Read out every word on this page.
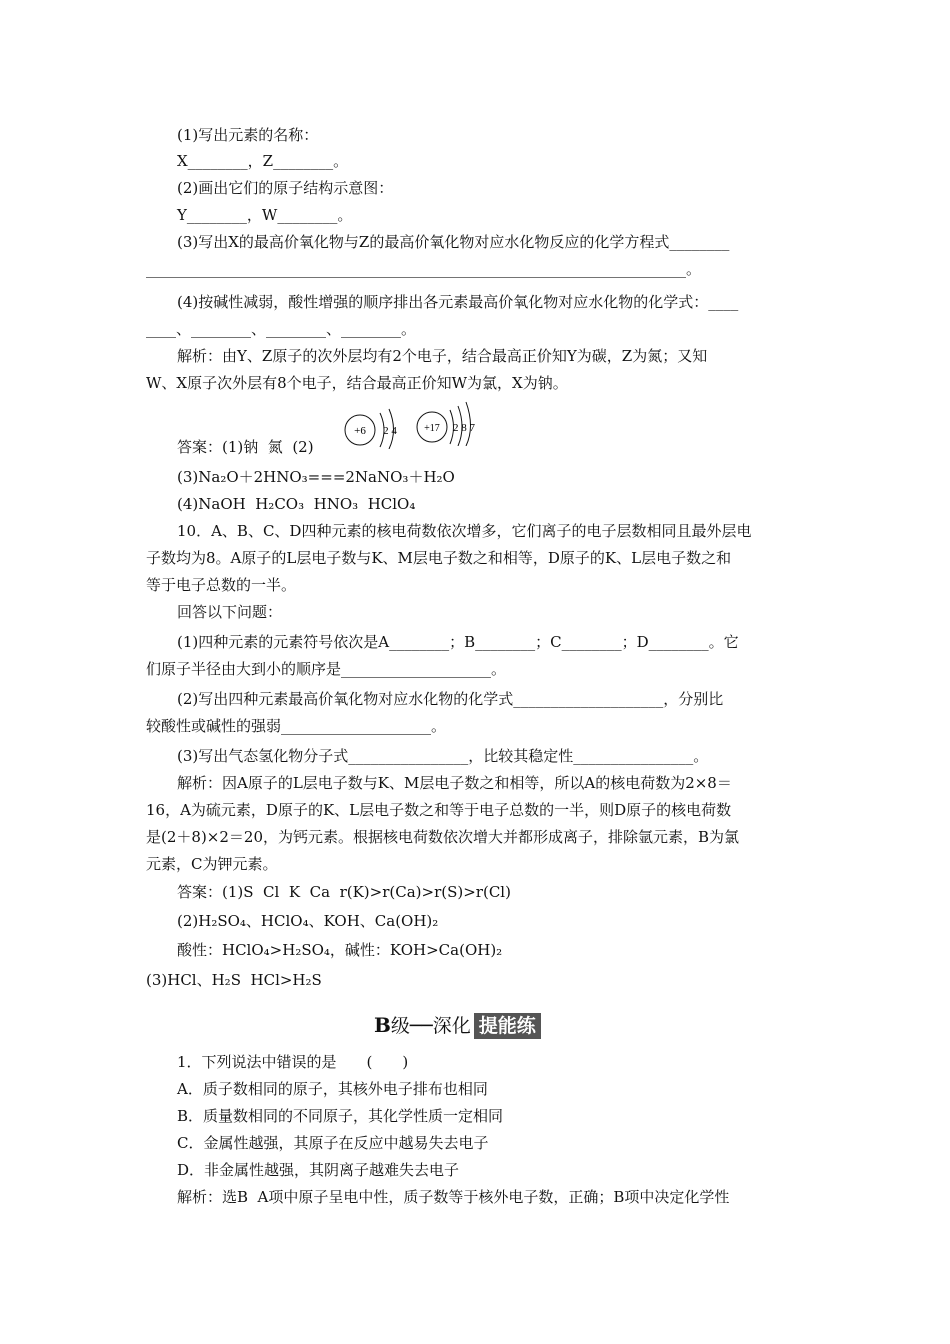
(1)写出元素的名称：
X________，Z________。
(2)画出它们的原子结构示意图：
Y________，W________。
(3)写出X的最高价氧化物与Z的最高价氧化物对应水化物反应的化学方程式________
________________________________________________________________________。
(4)按碱性减弱，酸性增强的顺序排出各元素最高价氧化物对应水化物的化学式：____
____、________、________、________。
解析：由Y、Z原子的次外层均有2个电子，结合最高正价知Y为碳，Z为氮；又知
W、X原子次外层有8个电子，结合最高正价知W为氯，X为钠。
答案：(1)钠  氮  (2)
+6 2 4	+17 2 8 7
(3)Na₂O＋2HNO₃===2NaNO₃＋H₂O
(4)NaOH  H₂CO₃  HNO₃  HClO₄
10．A、B、C、D四种元素的核电荷数依次增多，它们离子的电子层数相同且最外层电
子数均为8。A原子的L层电子数与K、M层电子数之和相等，D原子的K、L层电子数之和
等于电子总数的一半。
回答以下问题：
(1)四种元素的元素符号依次是A________；B________；C________；D________。它
们原子半径由大到小的顺序是____________________。
(2)写出四种元素最高价氧化物对应水化物的化学式____________________，分别比
较酸性或碱性的强弱____________________。
(3)写出气态氢化物分子式________________，比较其稳定性________________。
解析：因A原子的L层电子数与K、M层电子数之和相等，所以A的核电荷数为2×8＝
16，A为硫元素，D原子的K、L层电子数之和等于电子总数的一半，则D原子的核电荷数
是(2＋8)×2＝20，为钙元素。根据核电荷数依次增大并都形成离子，排除氩元素，B为氯
元素，C为钾元素。
答案：(1)S  Cl  K  Ca  r(K)>r(Ca)>r(S)>r(Cl)
(2)H₂SO₄、HClO₄、KOH、Ca(OH)₂
酸性：HClO₄>H₂SO₄，碱性：KOH>Ca(OH)₂
(3)HCl、H₂S  HCl>H₂S
B级──深化 提能练
1．下列说法中错误的是　　(　　)
A．质子数相同的原子，其核外电子排布也相同
B．质量数相同的不同原子，其化学性质一定相同
C．金属性越强，其原子在反应中越易失去电子
D．非金属性越强，其阴离子越难失去电子
解析：选B  A项中原子呈电中性，质子数等于核外电子数，正确；B项中决定化学性
